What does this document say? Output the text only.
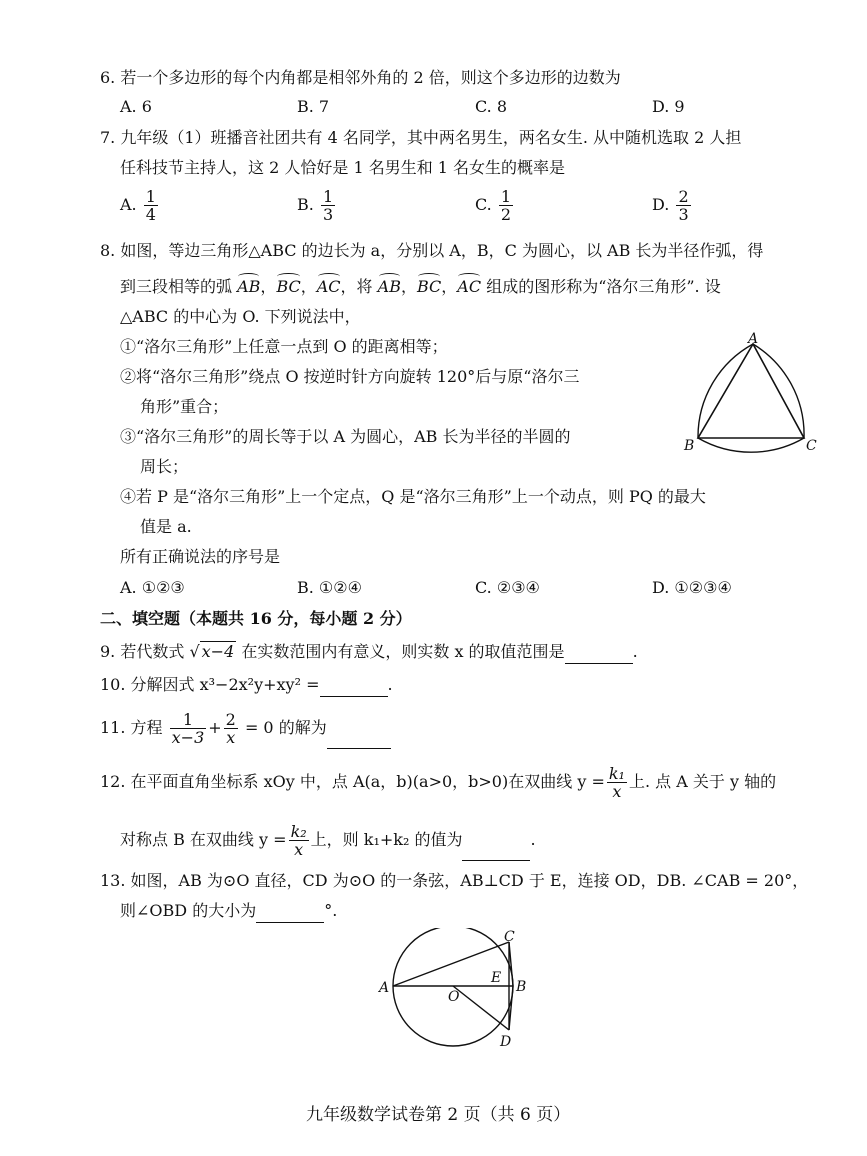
6. 若一个多边形的每个内角都是相邻外角的 2 倍，则这个多边形的边数为
A. 6	B. 7	C. 8	D. 9
7. 九年级（1）班播音社团共有 4 名同学，其中两名男生，两名女生. 从中随机选取 2 人担
任科技节主持人，这 2 人恰好是 1 名男生和 1 名女生的概率是
A. $\frac{1}{4}$	B. $\frac{1}{3}$	C. $\frac{1}{2}$	D. $\frac{2}{3}$
8. 如图，等边三角形△ABC 的边长为 a，分别以 A，B，C 为圆心，以 AB 长为半径作弧，得
到三段相等的弧 AB，BC，AC，将 AB，BC，AC 组成的图形称为“洛尔三角形”. 设
△ABC 的中心为 O. 下列说法中，
①“洛尔三角形”上任意一点到 O 的距离相等；
②将“洛尔三角形”绕点 O 按逆时针方向旋转 120°后与原“洛尔三
角形”重合；
③“洛尔三角形”的周长等于以 A 为圆心，AB 长为半径的半圆的
周长；
④若 P 是“洛尔三角形”上一个定点，Q 是“洛尔三角形”上一个动点，则 PQ 的最大
值是 a.
所有正确说法的序号是
A. ①②③	B. ①②④	C. ②③④	D. ①②③④
A
B	C
二、填空题（本题共 16 分，每小题 2 分）
9. 若代数式 √ x−4 在实数范围内有意义，则实数 x 的取值范围是	.
10. 分解因式 x³−2x²y+xy² =	.
11. 方程 $\frac{1}{x-3} + \frac{2}{x} = 0$ 的解为
12. 在平面直角坐标系 xOy 中，点 A(a，b)(a>0，b>0)在双曲线 $y = \frac{\text{k₁}}{x}$ 上. 点 A 关于 y 轴的
对称点 B 在双曲线 $y = \frac{\text{k₂}}{x}$ 上，则 k₁+k₂ 的值为	.
13. 如图，AB 为⊙O 直径，CD 为⊙O 的一条弦，AB⊥CD 于 E，连接 OD，DB. ∠CAB = 20°，
则∠OBD 的大小为	°.
A
O
E
B
C
D
九年级数学试卷第 2 页（共 6 页）
